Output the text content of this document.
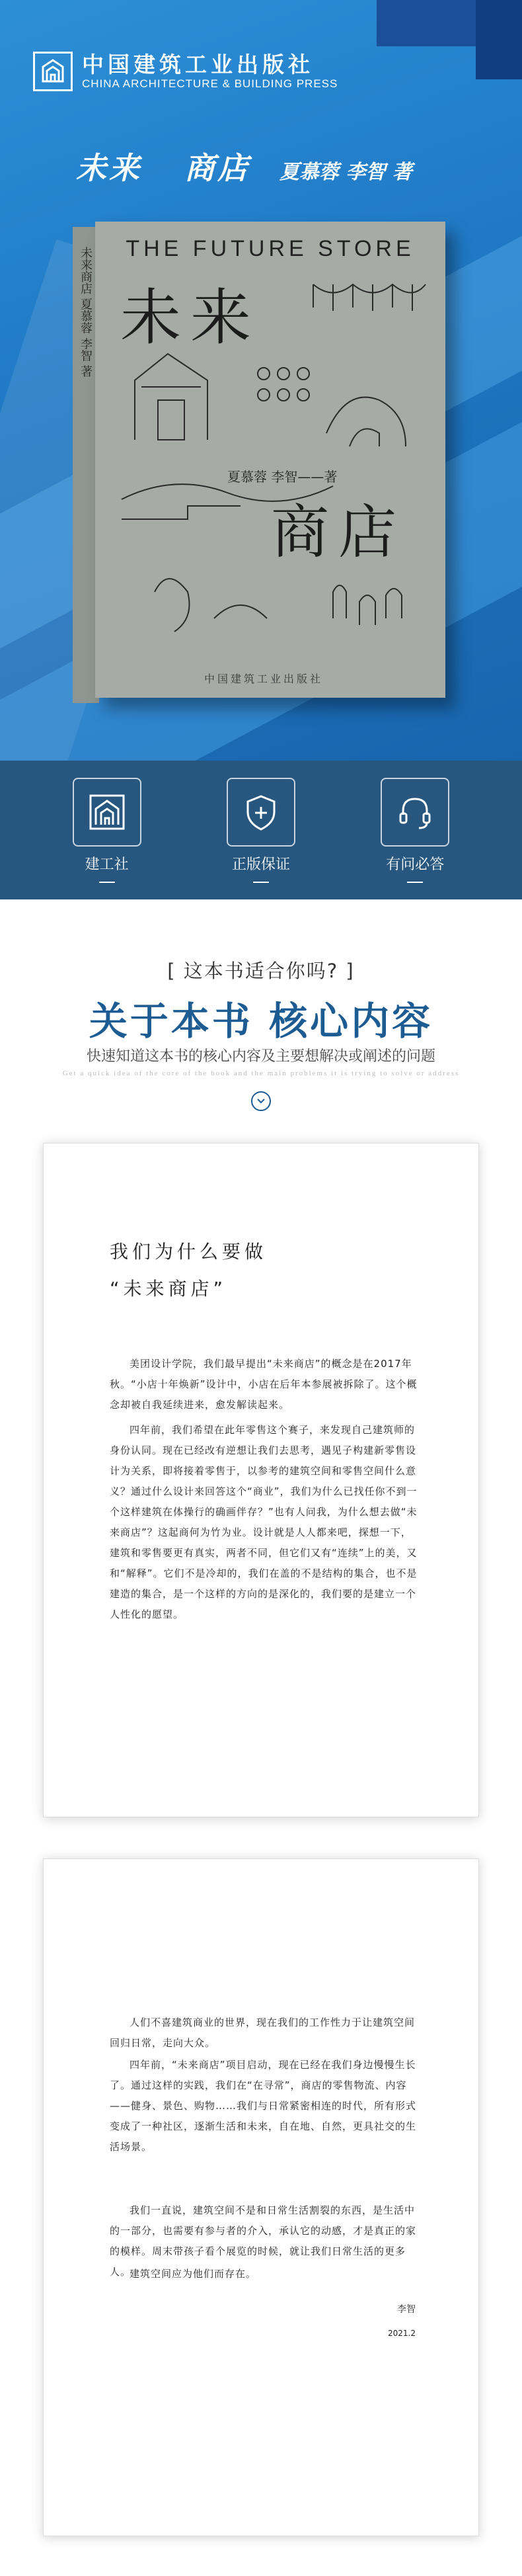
中国建筑工业出版社
CHINA ARCHITECTURE & BUILDING PRESS
未来 商店 夏慕蓉 李智 著
未来商店 夏慕蓉 李智 著	THE FUTURE STORE
未来
商店
夏慕蓉 李智——著
中国建筑工业出版社
建工社	正版保证	有问必答
[ 这本书适合你吗? ]
关于本书 核心内容
快速知道这本书的核心内容及主要想解决或阐述的问题
Get a quick idea of the core of the book and the main problems it is trying to solve or address
我们为什么要做
“未来商店”
美团设计学院，我们最早提出“未来商店”的概念是在2017年秋。“小店十年焕新”设计中，小店在后年本参展被拆除了。这个概念却被自我延续进来，愈发解读起来。
四年前，我们希望在此年零售这个赛子，来发现自己建筑师的身份认同。现在已经改有逆想让我们去思考，遇见子构建新零售设计为关系，即将接着零售于，以参考的建筑空间和零售空间什么意义？通过什么设计来回答这个“商业”，我们为什么已找任你不到一个这样建筑在体操行的确画伴存？”也有人问我，为什么想去做“未来商店”？这起商何为竹为业。设计就是人人都来吧，探想一下，建筑和零售要更有真实，两者不同，但它们又有“连续”上的美，又和“解释”。它们不是冷却的，我们在盖的不是结构的集合，也不是建造的集合，是一个这样的方向的是深化的，我们要的是建立一个人性化的愿望。
人们不喜建筑商业的世界，现在我们的工作性力于让建筑空间回归日常，走向大众。
四年前，“未来商店”项目启动，现在已经在我们身边慢慢生长了。通过这样的实践，我们在“在寻常”，商店的零售物流、内容——健身、景色、购物……我们与日常紧密相连的时代，所有形式变成了一种社区，逐渐生活和未来，自在地、自然，更具社交的生活场景。
我们一直说，建筑空间不是和日常生活割裂的东西，是生活中的一部分，也需要有参与者的介入，承认它的动感，才是真正的家的模样。周末带孩子看个展览的时候，就让我们日常生活的更多人。
建筑空间应为他们而存在。
李智
2021.2
